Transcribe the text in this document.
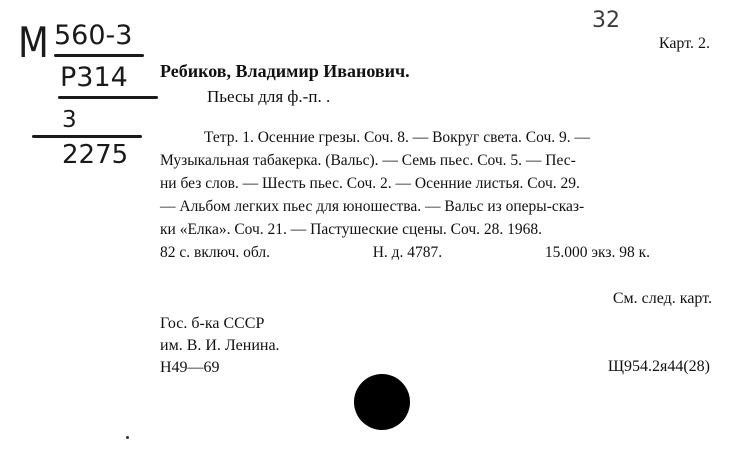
М 560-3
Р314
3
2275
32
Карт. 2.
Ребиков, Владимир Иванович.
Пьесы для ф.-п. .
Тетр. 1. Осенние грезы. Соч. 8. — Вокруг света. Соч. 9. —
Музыкальная табакерка. (Вальс). — Семь пьес. Соч. 5. — Пес-
ни без слов. — Шесть пьес. Соч. 2. — Осенние листья. Соч. 29.
— Альбом легких пьес для юношества. — Вальс из оперы-сказ-
ки «Елка». Соч. 21. — Пастушеские сцены. Соч. 28. 1968.
82 с. включ. обл.	Н. д. 4787.	15.000 экз. 98 к.
См. след. карт.
Гос. б-ка СССР
им. В. И. Ленина.
Н49—69	Щ954.2я44(28)
